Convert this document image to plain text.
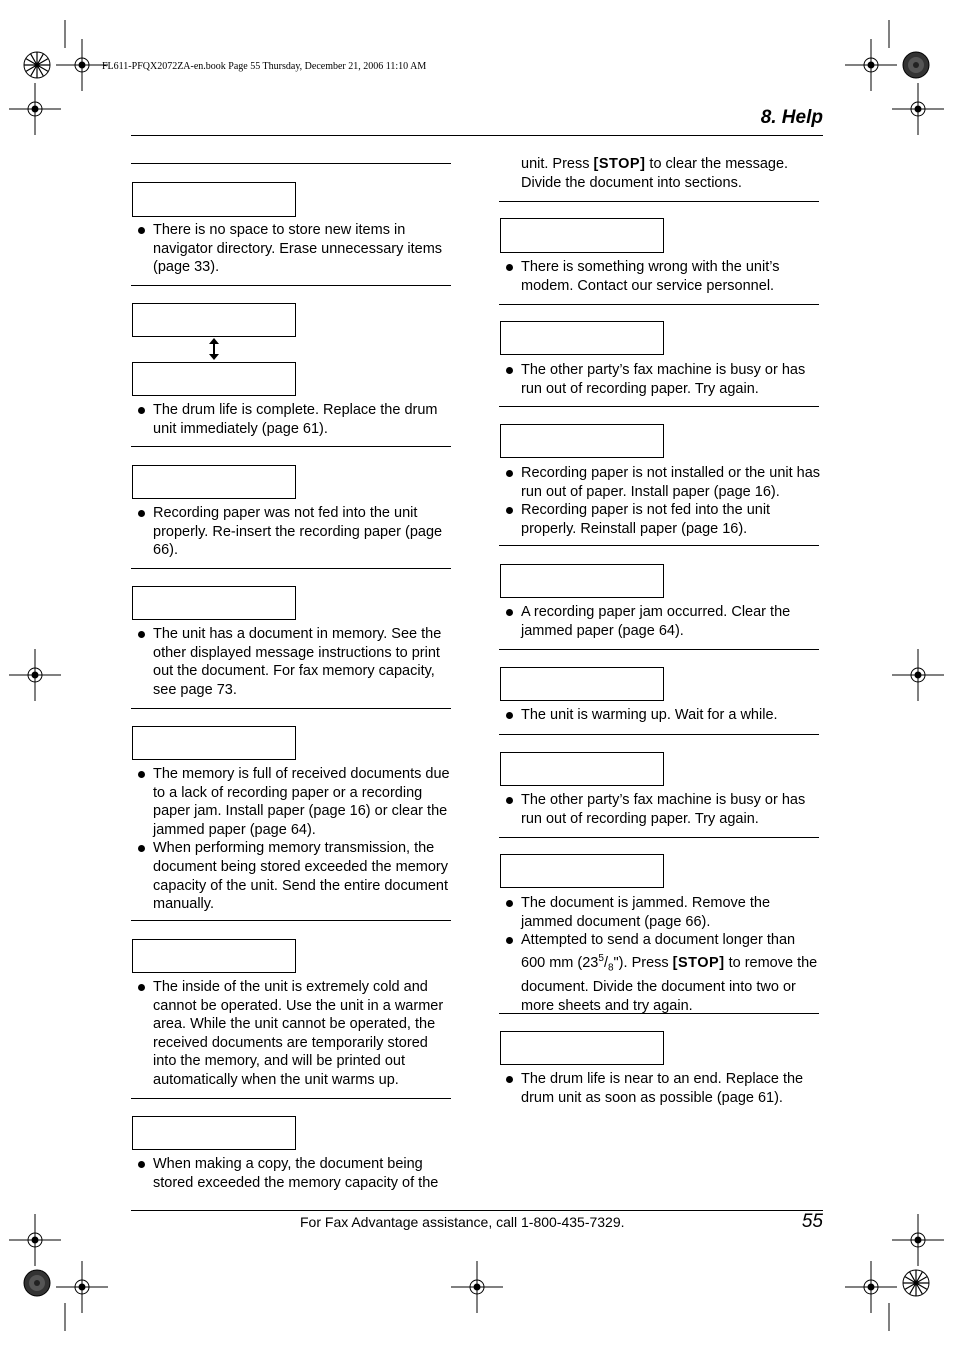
FL611-PFQX2072ZA-en.book Page 55 Thursday, December 21, 2006 11:10 AM
8. Help

There is no space to store new items in navigator directory. Erase unnecessary items (page 33).

The drum life is complete. Replace the drum unit immediately (page 61).

Recording paper was not fed into the unit properly. Re-insert the recording paper (page 66).

The unit has a document in memory. See the other displayed message instructions to print out the document. For fax memory capacity, see page 73.

The memory is full of received documents due to a lack of recording paper or a recording paper jam. Install paper (page 16) or clear the jammed paper (page 64).
When performing memory transmission, the document being stored exceeded the memory capacity of the unit. Send the entire document manually.

The inside of the unit is extremely cold and cannot be operated. Use the unit in a warmer area. While the unit cannot be operated, the received documents are temporarily stored into the memory, and will be printed out automatically when the unit warms up.

When making a copy, the document being stored exceeded the memory capacity of the
unit. Press [STOP] to clear the message. Divide the document into sections.

There is something wrong with the unit’s modem. Contact our service personnel.

The other party’s fax machine is busy or has run out of recording paper. Try again.

Recording paper is not installed or the unit has run out of paper. Install paper (page 16).
Recording paper is not fed into the unit properly. Reinstall paper (page 16).

A recording paper jam occurred. Clear the jammed paper (page 64).

The unit is warming up. Wait for a while.

The other party’s fax machine is busy or has run out of recording paper. Try again.

The document is jammed. Remove the jammed document (page 66).
Attempted to send a document longer than 600 mm $(23^5/_8")$. Press [STOP] to remove the document. Divide the document into two or more sheets and try again.

The drum life is near to an end. Replace the drum unit as soon as possible (page 61).
For Fax Advantage assistance, call 1-800-435-7329.	55
